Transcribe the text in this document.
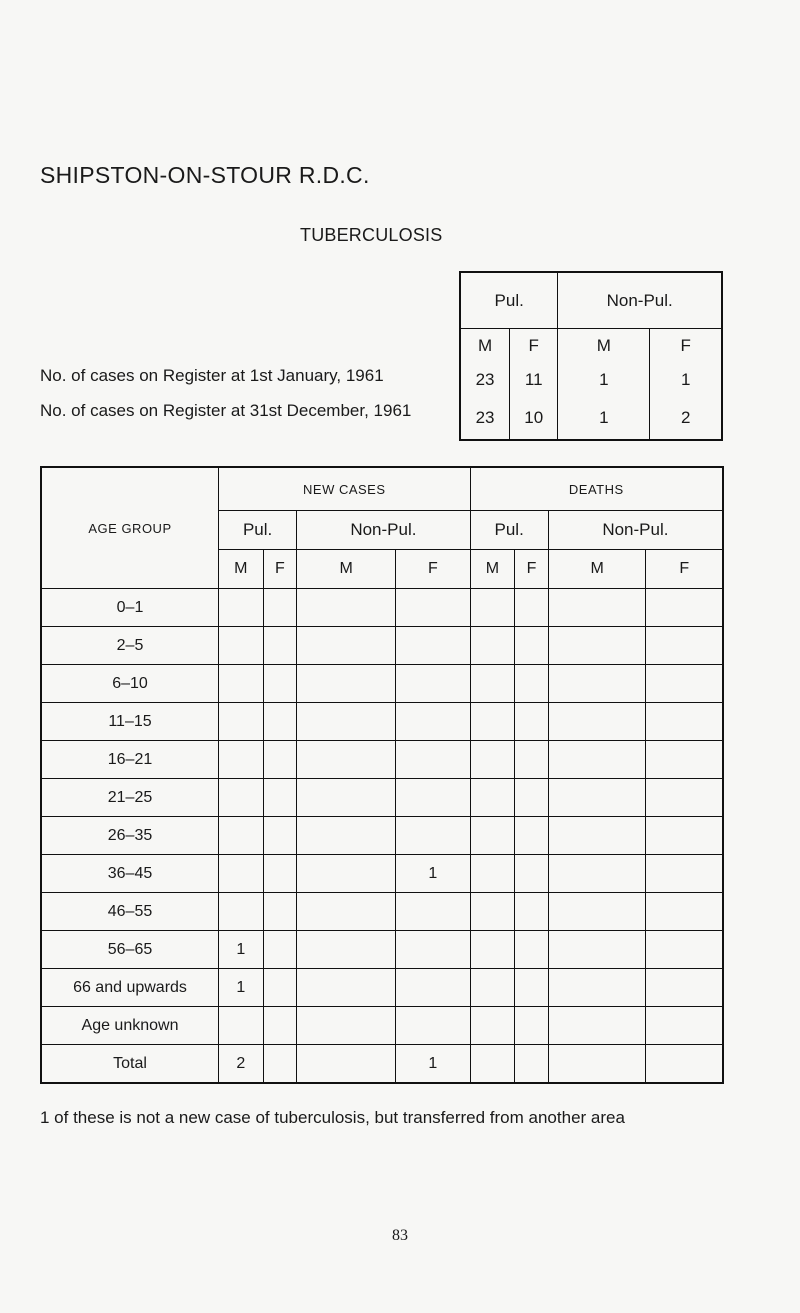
SHIPSTON-ON-STOUR R.D.C.
TUBERCULOSIS
No. of cases on Register at 1st January, 1961
No. of cases on Register at 31st December, 1961
Pul.		Non-Pul.	
M	F	M	F
23	11	1	1
23	10	1	2
AGE GROUP	NEW CASES				DEATHS			
	Pul.		Non-Pul.		Pul.		Non-Pul.	
	M	F	M	F	M	F	M	F
0–1								
2–5								
6–10								
11–15								
16–21								
21–25								
26–35								
36–45				1				
46–55								
56–65	1							
66 and upwards	1							
Age unknown								
Total	2			1				
1 of these is not a new case of tuberculosis, but transferred from another area
83
